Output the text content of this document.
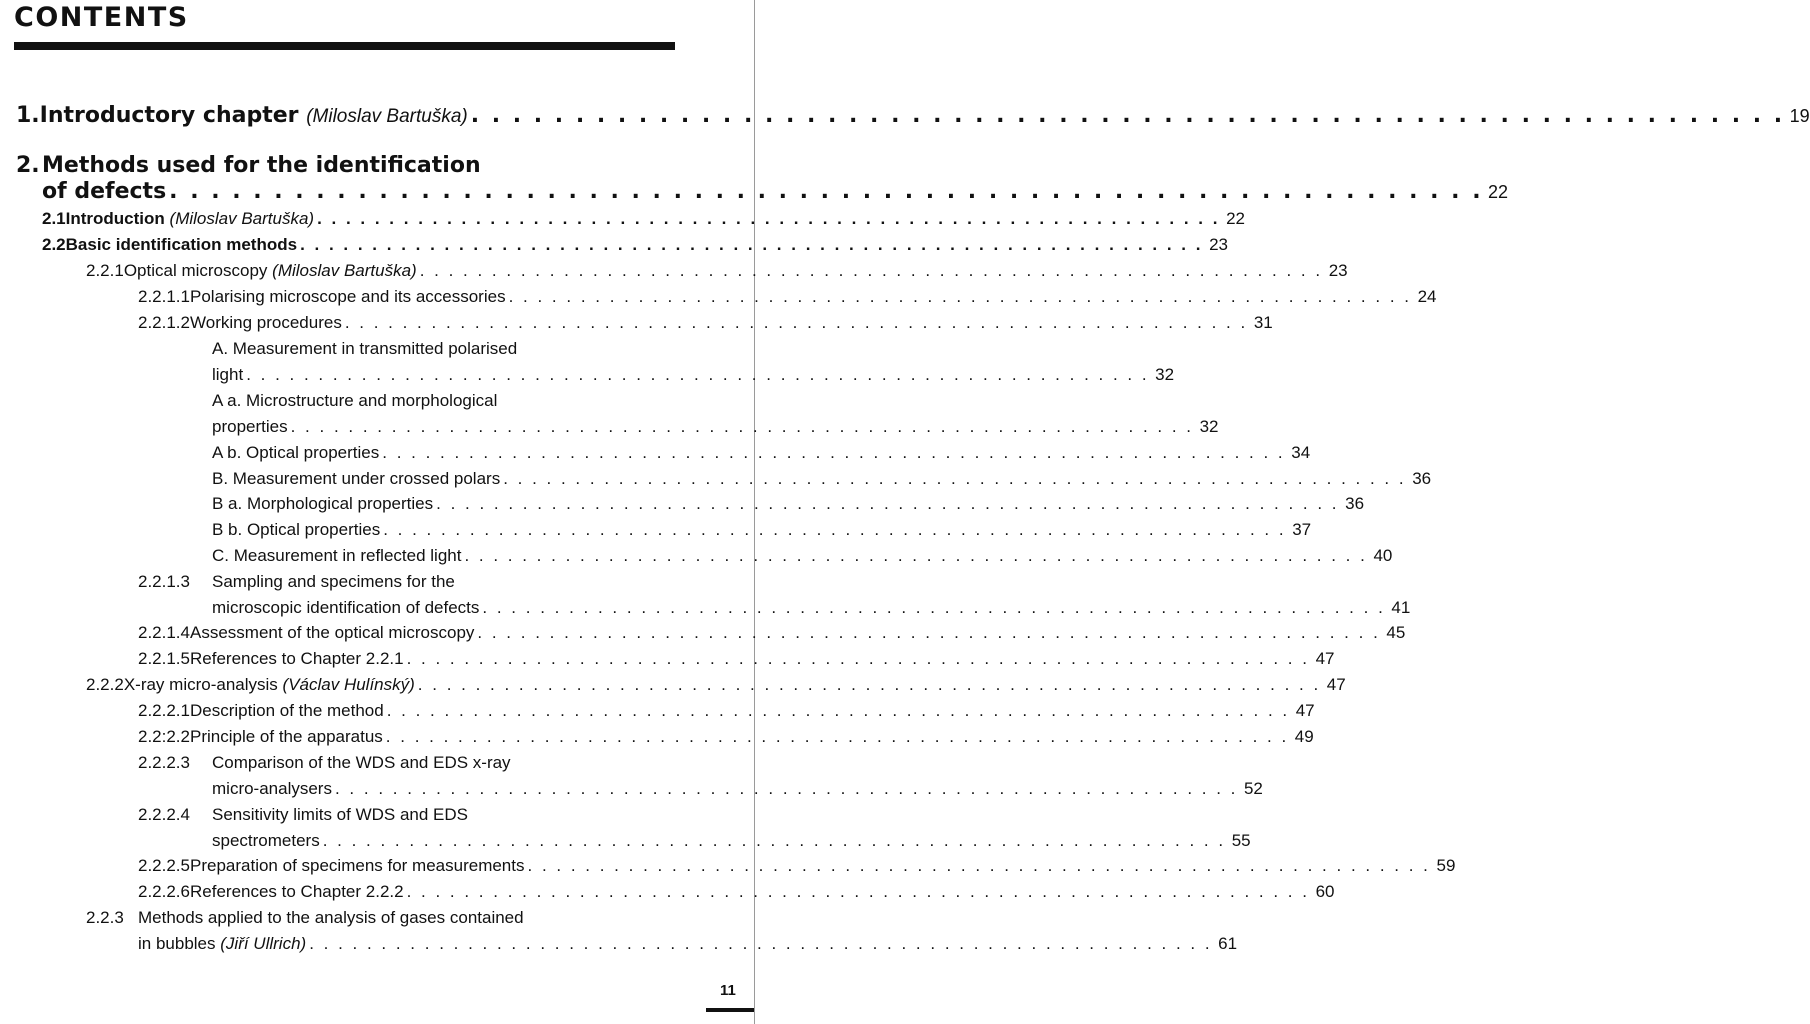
CONTENTS
1. Introductory chapter (Miloslav Bartuška) . . . . . . . . . . . . . . . . . . . . . . . . . . . . . . . . . . . . . . . . . . . . . . . . . . . . . . . . . . . . . . . 19
2. Methods used for the identification
of defects . . . . . . . . . . . . . . . . . . . . . . . . . . . . . . . . . . . . . . . . . . . . . . . . . . . . . . . . . . . . . . . 22
2.1 Introduction (Miloslav Bartuška) . . . . . . . . . . . . . . . . . . . . . . . . . . . . . . . . . . . . . . . . . . . . . . . . . . . . . . . . . . . . . . . 22
2.2 Basic identification methods . . . . . . . . . . . . . . . . . . . . . . . . . . . . . . . . . . . . . . . . . . . . . . . . . . . . . . . . . . . . . . . 23
2.2.1 Optical microscopy (Miloslav Bartuška) . . . . . . . . . . . . . . . . . . . . . . . . . . . . . . . . . . . . . . . . . . . . . . . . . . . . . . . . . . . . . . . 23
2.2.1.1 Polarising microscope and its accessories . . . . . . . . . . . . . . . . . . . . . . . . . . . . . . . . . . . . . . . . . . . . . . . . . . . . . . . . . . . . . . . 24
2.2.1.2 Working procedures . . . . . . . . . . . . . . . . . . . . . . . . . . . . . . . . . . . . . . . . . . . . . . . . . . . . . . . . . . . . . . . 31
A. Measurement in transmitted polarised
light . . . . . . . . . . . . . . . . . . . . . . . . . . . . . . . . . . . . . . . . . . . . . . . . . . . . . . . . . . . . . . . 32
A a. Microstructure and morphological
properties . . . . . . . . . . . . . . . . . . . . . . . . . . . . . . . . . . . . . . . . . . . . . . . . . . . . . . . . . . . . . . . 32
A b. Optical properties . . . . . . . . . . . . . . . . . . . . . . . . . . . . . . . . . . . . . . . . . . . . . . . . . . . . . . . . . . . . . . . 34
B. Measurement under crossed polars . . . . . . . . . . . . . . . . . . . . . . . . . . . . . . . . . . . . . . . . . . . . . . . . . . . . . . . . . . . . . . . 36
B a. Morphological properties . . . . . . . . . . . . . . . . . . . . . . . . . . . . . . . . . . . . . . . . . . . . . . . . . . . . . . . . . . . . . . . 36
B b. Optical properties . . . . . . . . . . . . . . . . . . . . . . . . . . . . . . . . . . . . . . . . . . . . . . . . . . . . . . . . . . . . . . . 37
C. Measurement in reflected light . . . . . . . . . . . . . . . . . . . . . . . . . . . . . . . . . . . . . . . . . . . . . . . . . . . . . . . . . . . . . . . 40
2.2.1.3 Sampling and specimens for the
microscopic identification of defects . . . . . . . . . . . . . . . . . . . . . . . . . . . . . . . . . . . . . . . . . . . . . . . . . . . . . . . . . . . . . . . 41
2.2.1.4 Assessment of the optical microscopy . . . . . . . . . . . . . . . . . . . . . . . . . . . . . . . . . . . . . . . . . . . . . . . . . . . . . . . . . . . . . . . 45
2.2.1.5 References to Chapter 2.2.1 . . . . . . . . . . . . . . . . . . . . . . . . . . . . . . . . . . . . . . . . . . . . . . . . . . . . . . . . . . . . . . . 47
2.2.2 X-ray micro-analysis (Václav Hulínský) . . . . . . . . . . . . . . . . . . . . . . . . . . . . . . . . . . . . . . . . . . . . . . . . . . . . . . . . . . . . . . . 47
2.2.2.1 Description of the method . . . . . . . . . . . . . . . . . . . . . . . . . . . . . . . . . . . . . . . . . . . . . . . . . . . . . . . . . . . . . . . 47
2.2:2.2 Principle of the apparatus . . . . . . . . . . . . . . . . . . . . . . . . . . . . . . . . . . . . . . . . . . . . . . . . . . . . . . . . . . . . . . . 49
2.2.2.3 Comparison of the WDS and EDS x-ray
micro-analysers . . . . . . . . . . . . . . . . . . . . . . . . . . . . . . . . . . . . . . . . . . . . . . . . . . . . . . . . . . . . . . . 52
2.2.2.4 Sensitivity limits of WDS and EDS
spectrometers . . . . . . . . . . . . . . . . . . . . . . . . . . . . . . . . . . . . . . . . . . . . . . . . . . . . . . . . . . . . . . . 55
2.2.2.5 Preparation of specimens for measurements . . . . . . . . . . . . . . . . . . . . . . . . . . . . . . . . . . . . . . . . . . . . . . . . . . . . . . . . . . . . . . . 59
2.2.2.6 References to Chapter 2.2.2 . . . . . . . . . . . . . . . . . . . . . . . . . . . . . . . . . . . . . . . . . . . . . . . . . . . . . . . . . . . . . . . 60
2.2.3 Methods applied to the analysis of gases contained
in bubbles (Jiří Ullrich) . . . . . . . . . . . . . . . . . . . . . . . . . . . . . . . . . . . . . . . . . . . . . . . . . . . . . . . . . . . . . . . 61
11
